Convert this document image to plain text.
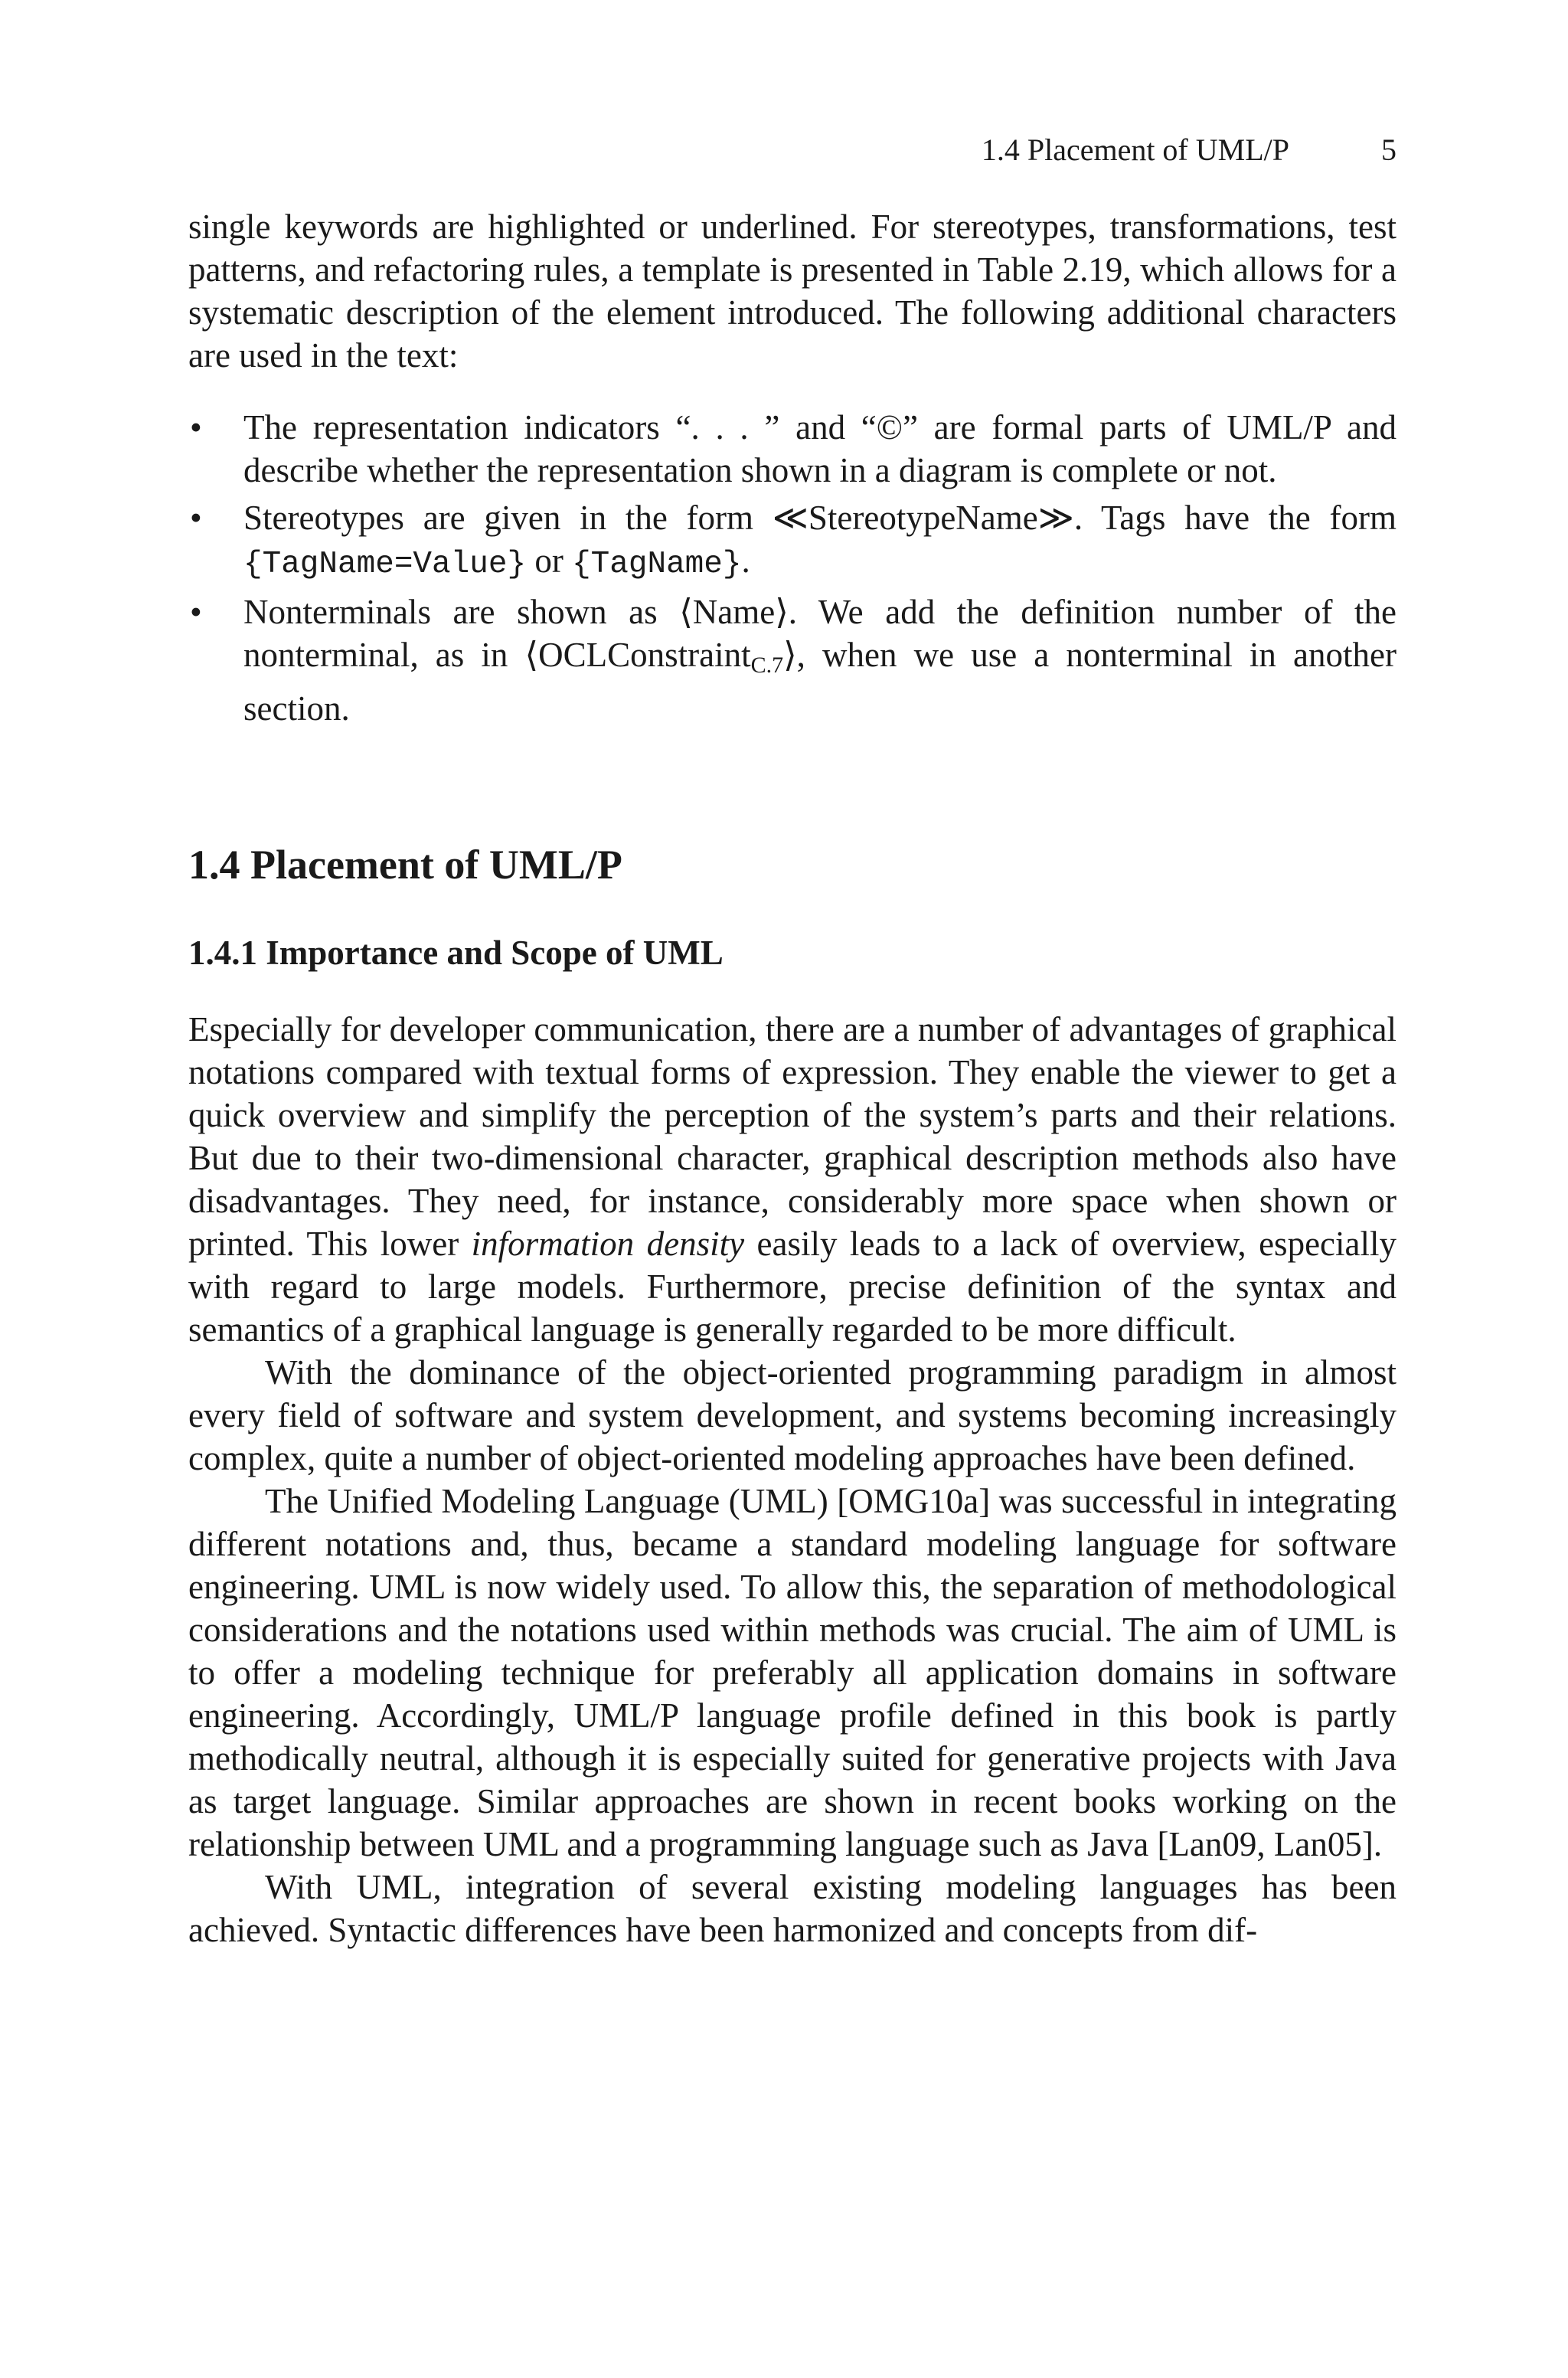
1.4 Placement of UML/P	5

single keywords are highlighted or underlined. For stereotypes, transformations, test patterns, and refactoring rules, a template is presented in Table 2.19, which allows for a systematic description of the element introduced. The following additional characters are used in the text:

• The representation indicators “. . . ” and “©” are formal parts of UML/P and describe whether the representation shown in a diagram is complete or not.
• Stereotypes are given in the form ≪StereotypeName≫. Tags have the form {TagName=Value} or {TagName}.
• Nonterminals are shown as ⟨Name⟩. We add the definition number of the nonterminal, as in ⟨OCLConstraint$_{C.7}$⟩, when we use a nonterminal in another section.
1.4 Placement of UML/P
1.4.1 Importance and Scope of UML

Especially for developer communication, there are a number of advantages of graphical notations compared with textual forms of expression. They enable the viewer to get a quick overview and simplify the perception of the system’s parts and their relations. But due to their two-dimensional character, graphical description methods also have disadvantages. They need, for instance, considerably more space when shown or printed. This lower information density easily leads to a lack of overview, especially with regard to large models. Furthermore, precise definition of the syntax and semantics of a graphical language is generally regarded to be more difficult.

With the dominance of the object-oriented programming paradigm in almost every field of software and system development, and systems becoming increasingly complex, quite a number of object-oriented modeling approaches have been defined.

The Unified Modeling Language (UML) [OMG10a] was successful in integrating different notations and, thus, became a standard modeling language for software engineering. UML is now widely used. To allow this, the separation of methodological considerations and the notations used within methods was crucial. The aim of UML is to offer a modeling technique for preferably all application domains in software engineering. Accordingly, UML/P language profile defined in this book is partly methodically neutral, although it is especially suited for generative projects with Java as target language. Similar approaches are shown in recent books working on the relationship between UML and a programming language such as Java [Lan09, Lan05].

With UML, integration of several existing modeling languages has been achieved. Syntactic differences have been harmonized and concepts from dif-
